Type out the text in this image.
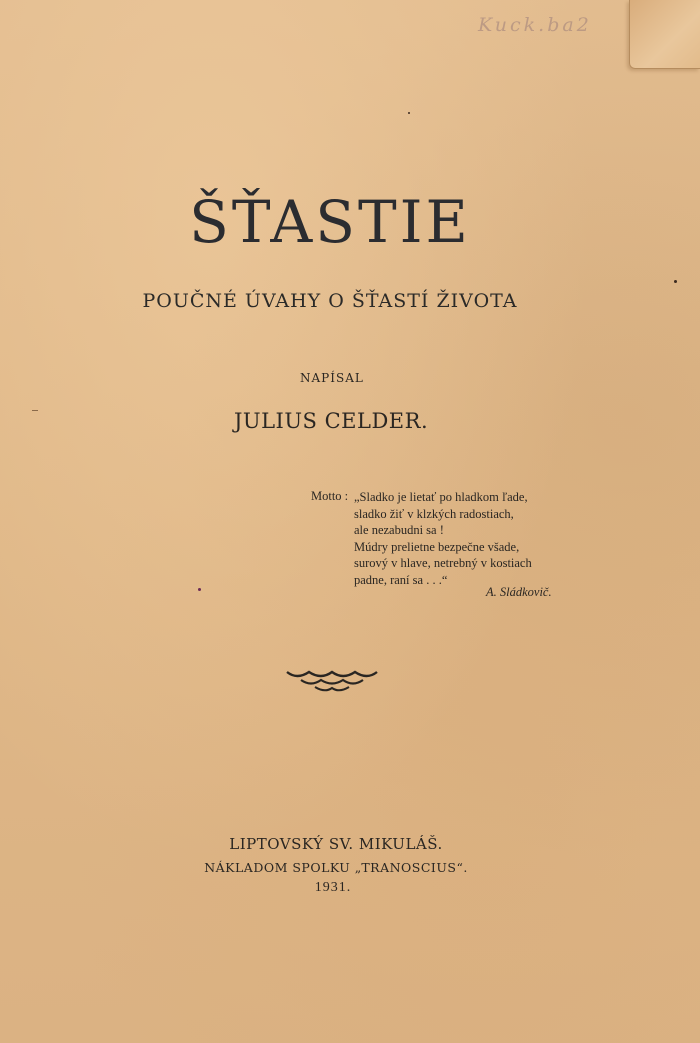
Kuck.ba2
ŠŤASTIE
POUČNÉ ÚVAHY O ŠŤASTÍ ŽIVOTA
NAPÍSAL
JULIUS CELDER.
Motto : „Sladko je lietať po hladkom ľade,
sladko žiť v klzkých radostiach,
ale nezabudni sa !
Múdry prelietne bezpečne všade,
surový v hlave, netrebný v kostiach
padne, raní sa . . .“
A. Sládkovič.
LIPTOVSKÝ SV. MIKULÁŠ.
NÁKLADOM SPOLKU „TRANOSCIUS“.
1931.
